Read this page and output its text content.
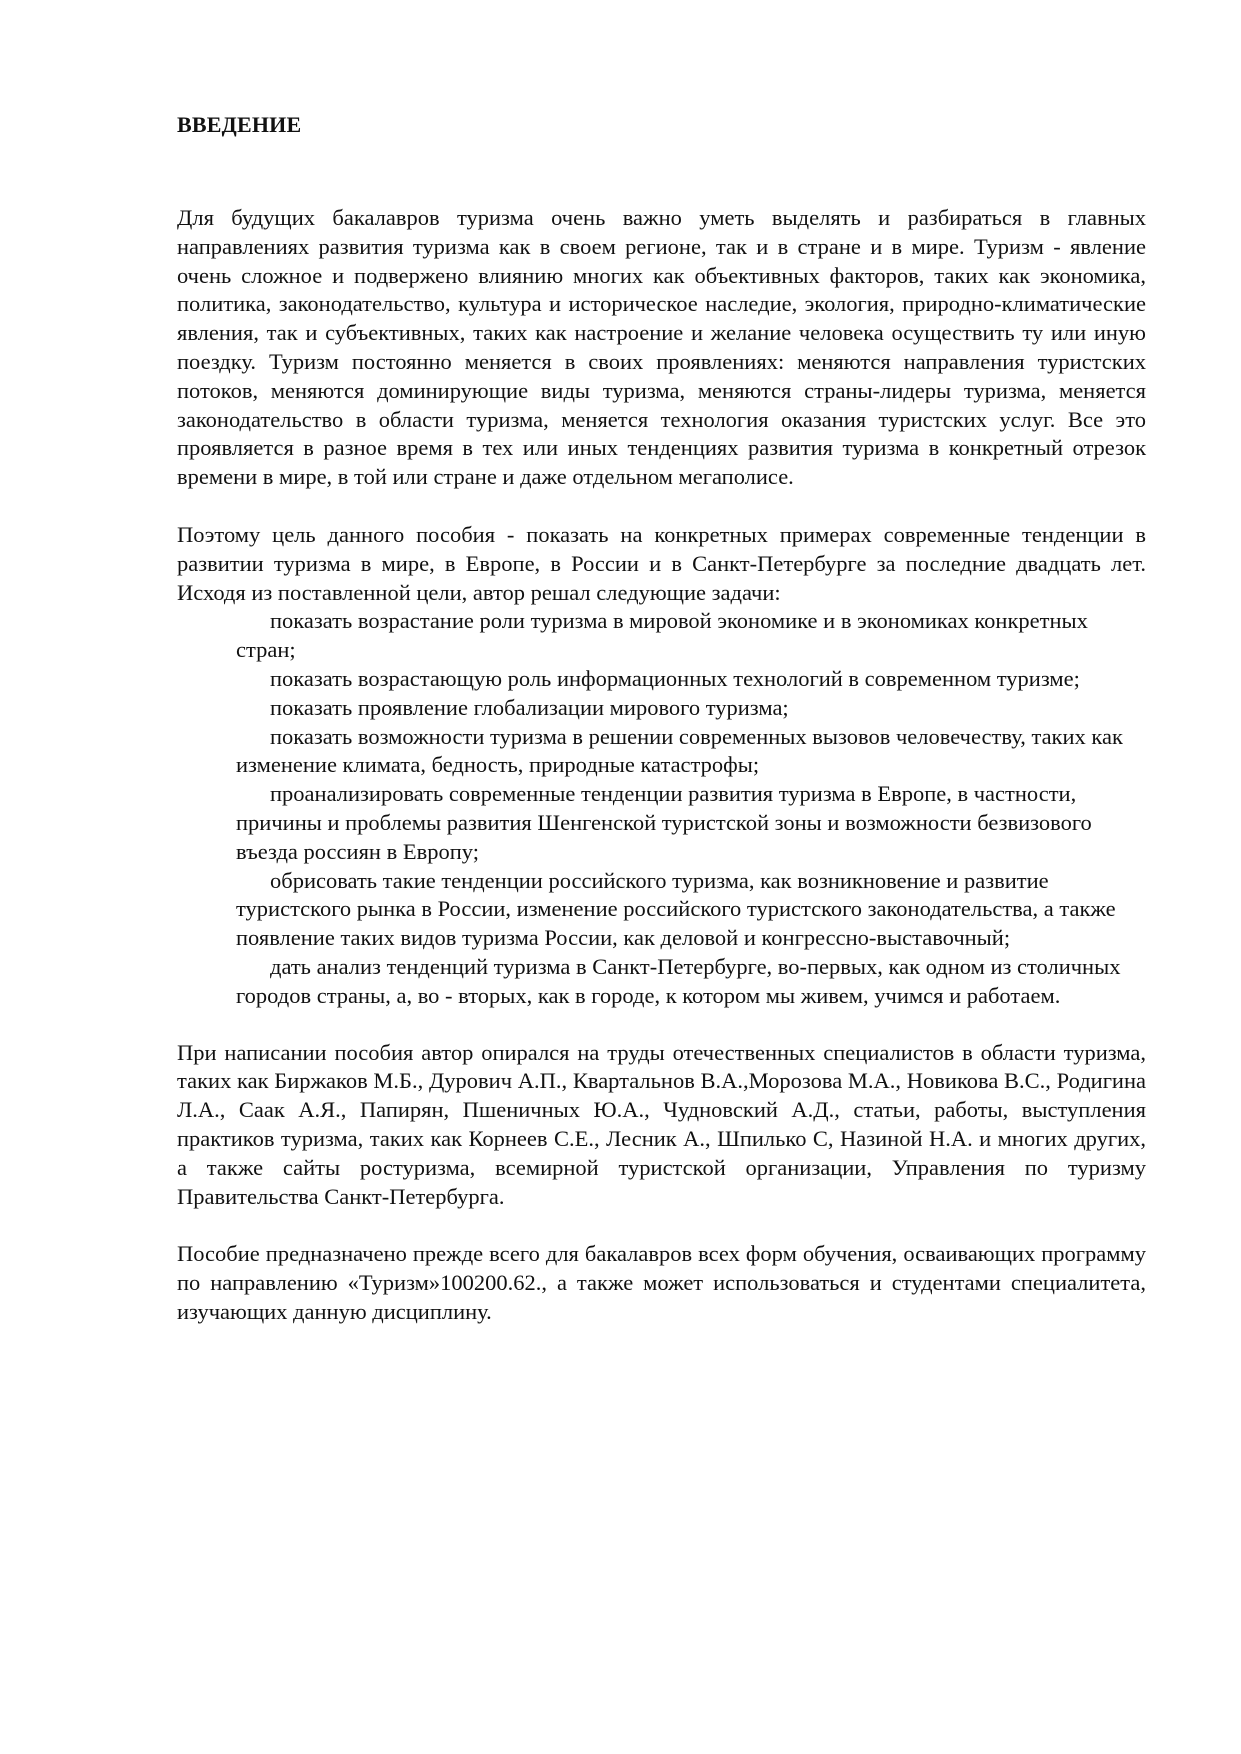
ВВЕДЕНИЕ

Для будущих бакалавров туризма очень важно уметь выделять и разбираться в главных направлениях развития туризма как в своем регионе, так и в стране и в мире. Туризм - явление очень сложное и подвержено влиянию многих как объективных факторов, таких как экономика, политика, законодательство, культура и историческое наследие, экология, природно-климатические явления, так и субъективных, таких как настроение и желание человека осуществить ту или иную поездку. Туризм постоянно меняется в своих проявлениях: меняются направления туристских потоков, меняются доминирующие виды туризма, меняются страны-лидеры туризма, меняется законодательство в области туризма, меняется технология оказания туристских услуг. Все это проявляется в разное время в тех или иных тенденциях развития туризма в конкретный отрезок времени в мире, в той или стране и даже отдельном мегаполисе.

Поэтому цель данного пособия - показать на конкретных примерах современные тенденции в развитии туризма в мире, в Европе, в России и в Санкт-Петербурге за последние двадцать лет. Исходя из поставленной цели, автор решал следующие задачи:

показать возрастание роли туризма в мировой экономике и в экономиках конкретных стран;
показать возрастающую роль информационных технологий в современном туризме;
показать проявление глобализации мирового туризма;
показать возможности туризма в решении современных вызовов человечеству, таких как изменение климата, бедность, природные катастрофы;
проанализировать современные тенденции развития туризма в Европе, в частности, причины и проблемы развития Шенгенской туристской зоны и возможности безвизового въезда россиян в Европу;
обрисовать такие тенденции российского туризма, как возникновение и развитие туристского рынка в России, изменение российского туристского законодательства, а также появление таких видов туризма России, как деловой и конгрессно-выставочный;
дать анализ тенденций туризма в Санкт-Петербурге, во-первых, как одном из столичных городов страны, а, во - вторых, как в городе, к котором мы живем, учимся и работаем.

При написании пособия автор опирался на труды отечественных специалистов в области туризма, таких как Биржаков М.Б., Дурович А.П., Квартальнов В.А.,Морозова М.А., Новикова В.С., Родигина Л.А., Саак А.Я., Папирян, Пшеничных Ю.А., Чудновский А.Д., статьи, работы, выступления практиков туризма, таких как Корнеев С.Е., Лесник А., Шпилько С, Назиной Н.А. и многих других, а также сайты ростуризма, всемирной туристской организации, Управления по туризму Правительства Санкт-Петербурга.

Пособие предназначено прежде всего для бакалавров всех форм обучения, осваивающих программу по направлению «Туризм»100200.62., а также может использоваться и студентами специалитета, изучающих данную дисциплину.
